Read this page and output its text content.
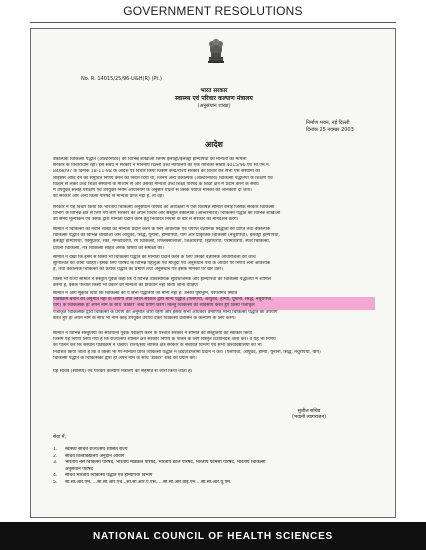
GOVERNMENT RESOLUTIONS
No. R. 14015/25/96-U&H(R) (Pt.)
भारत सरकार
स्वास्थ्य एवं परिवार कल्याण मंत्रालय
(अनुसंधान शाखा)
निर्माण भवन, नई दिल्ली
दिनांक 25 नवम्बर 2003
आदेश

वैकल्पिक चिकित्सा पद्धति (आल्टरनेटिव) की विभिन्न शाखाओं जिनमें इलेक्ट्रो/इलेक्ट्रो होम्योपैथी की मान्यता का मामला
सरकार के विचाराधीन रहा। इस संबंध में सरकार ने माननीय दिल्ली उच्च न्यायालय की एक याचिका संख्या 4015/96 एवं सी.एम.नं.
8468/97 के दिनांक 18-11-98 के आदेश पर विचार किया जिसमें केन्द्र/राज्य सरकार को विचार कर सभी ऐसे संस्थानों को
लाइसेंस आदि देने का समुचित निर्णय करने का निदेश दिया था, जिनमें अन्य वैकल्पिक (आल्टरनेटिव) चिकित्सा पद्धतियों के शिक्षण एवं
विज्ञान से लेकर उच्च शिक्षा संस्थानों के माध्यम से और उसकी मान्यता उच्च शिक्षा परिषद के शिक्षा क्षेत्र में प्रदान करने के संबंध
में उपयुक्त सलाह परीक्षण एवं उपयुक्त नियम अधिनियम के अनुसार वैधता से उसके पर्याप्त मानकों की जानकारी दी जाये।
को सरकार और अन्य किसी परिषद से मान्यता प्राप्त नहीं है, तो वह।

सरकार ने यह विचार किया कि भारतीय चिकित्सा अनुसंधान परिषद की अध्यक्षता में एक विशेषज्ञ समिति बनाई जिसके सरकार चिकित्सा
विभाग के विभिन्न क्षेत्र से लिए गये लोग सरकार को अपने विचार और संस्तुति वैकल्पिक (आल्टरनेटिव) चिकित्सा पद्धति की विभिन्न शाखाओं
की समग्र मूल्यांकन एवं उसके द्वारा मान्यता प्रदान करने हेतु निर्धारित नियमों के बारे में सरकार का मार्गदर्शन करेंगे।

समिति ने चिकित्सा की नवीन शाखा की मान्यता प्रदान करने के लिए आवश्यक एवं पर्याप्त वैज्ञानिक सिद्धांतों की प्राप्ति तथा वैकल्पिक
चिकित्सा पद्धति की विभिन्न शाखाओं जैसे आयुर्वेद, सिद्ध, यूनानी, होम्योपैथी, योग और प्राकृतिक चिकित्सा (नेचुरोपैथी), इलेक्ट्रो होम्योपैथी,
इलेक्ट्रो होम्योपैथी, एक्यूप्रेशर, रेकी, मैग्नेटोथेरेपी, रंग चिकित्सा, रिफ्लेक्सोलॉजी, जिओथेरेपी, हिप्नोथेरेपी, एरोमाथेरेपी, स्पर्श चिकित्सा,
प्रार्थना चिकित्सा, नेत्र चिकित्सा सहित अनेक विषयों की समीक्षा की।

समिति ने देखा कि इनमें से किसी भी चिकित्सा पद्धति को मान्यता प्रदान करने के लिए उसकी वैज्ञानिक आधारशिला की जांच
सुनिश्चित की जानी चाहिए। इसके लिए परिषद के विभिन्न पहलुओं एवं मौजूदा एवं अनुसंधान पत्रों के आधार पर निर्णय लेना आवश्यक
है, तथा वैकल्पिक चिकित्सा की प्रत्येक पद्धति का प्रमाण तथा अनुसंधान पत्र इसके मानकों पर खरे उतरें।

किसी भी राज्य समिति ने संस्तुति पूर्वक कहा कि ये विभिन्न व्यावसायिक सुविधाजनक और होम्योपैथी को चिकित्सा पद्धतियों में शामिल
करना है, इसके पश्चात किसी भी प्रकार की मान्यता का प्रावधान नहीं किया जाना चाहिए।

समिति ने आगे सुझाव दिया कि चिकित्सा की ये सभी पद्धतियाँ जो मान्य नहीं हैं: उनकी पृष्ठभूमि, परंपरागत स्थिति
पाठ्यक्रम बनाने की अनुमति नहीं दी जायेगी तथा भारत सरकार द्वारा मान्य पद्धति (एलोपैथी, आयुर्वेद, होम्यो, यूनानी, सिद्ध, नेचुरोपैथी,
योग) के चिकित्सक ही अपने नाम के साथ 'डॉक्टर' शब्द प्रयोग करेंगे। किन्तु चिकित्सा का व्यवसाय करते हुए किसी पंजीकृत
पंजीकृत चिकित्सक द्वारा चिकित्सा के प्रयोग की अनुमति जारी रहेगी और इसके सभी अधिकार प्रमाणित मान्य चिकित्सा पद्धति का उपयोग
करते हुए ही अपने नाम के साथ भी नाम कोई उपयुक्त उपाधि देकर चिकित्सा प्रशासन के कल्याण के लिए करेंगे।

समिति ने विभिन्न संस्तुतियों को सावधानी पूर्वक परीक्षण करने के पश्चात सरकार ने समिति की संस्तुतियों को स्वीकार किया
जिसमें यह निर्णय लिया गया है कि राज्य/संघ शासित क्षेत्र सरकार निर्णय के पालन के लिए विस्तृत दिशानिर्देश जारी करें। वे यह भी निर्णय
का पालन करें कि संस्थान पाठ्यक्रम न चलाएं। राज्य/संघ शासित क्षेत्र सरकार के संबंधित विभाग एवं सभी विश्वविद्यालयों को भी
निर्देशित किया जाता है कि वे किसी भी गैर-मान्यता प्राप्त चिकित्सा पद्धति में डिग्री/डिप्लोमा प्रदान न करें। (एलोपैथी, आयुर्वेद, होम्यो, यूनानी, सिद्ध, नेचुरोपैथी, योग)
चिकित्सा पद्धति के चिकित्सकों द्वारा ही अपने नाम के साथ 'डॉक्टर' शब्द का प्रयोग करें।

यह सचिव (स्वास्थ्य) एवं परिवार कल्याण मंत्रालय की सहमति से जारी किया जाता है।

सुशील सचिव
(भवानी त्यागराजन)
सेवा में,
1. स्वास्थ्य सचिव राज्य/संघ शासित राज्य
2. सचिव विश्वविद्यालय अनुदान आयोग
3. भारतीय नर्स चिकित्सा परिषद, भारतीय मेडिकल परिषद, भारतीय डेंटल परिषद, भारतीय फार्मेसी परिषद, भारतीय चिकित्सा
अनुसंधान परिषद
4. सचिव भारतीय चिकित्सा पद्धति एवं होम्योपैथी विभाग
5. सी.सी.आर.एम.....सी.सी.आर.एच...सी.सी.आर.ए.एस.....सी.सी.आर.वाई.एन....सी.सी.आर.यू.एम.
NATIONAL COUNCIL OF HEALTH SCIENCES
